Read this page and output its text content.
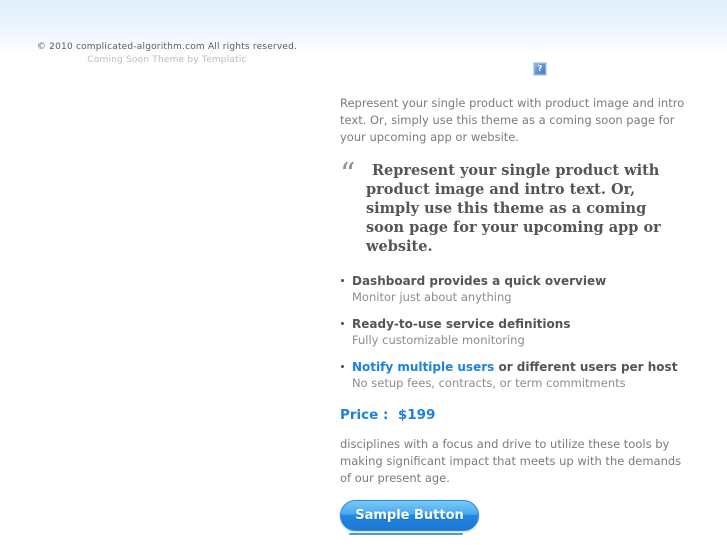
© 2010 complicated-algorithm.com All rights reserved.
Coming Soon Theme by Templatic
?

Represent your single product with product image and intro text. Or, simply use this theme as a coming soon page for your upcoming app or website.

“	Represent your single product with product image and intro text. Or, simply use this theme as a coming soon page for your upcoming app or website.
Dashboard provides a quick overview
Monitor just about anything
Ready-to-use service definitions
Fully customizable monitoring
Notify multiple users or different users per host
No setup fees, contracts, or term commitments
Price :  $199

disciplines with a focus and drive to utilize these tools by making significant impact that meets up with the demands of our present age.

Sample Button
